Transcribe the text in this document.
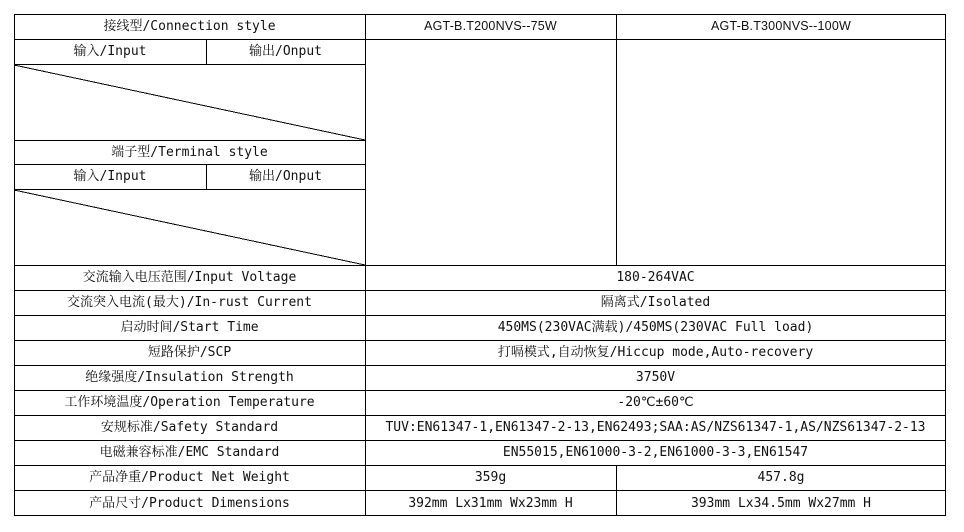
接线型/Connection style	AGT-B.T200NVS--75W	AGT-B.T300NVS--100W
输入/Input	输出/Onput
端子型/Terminal style
输入/Input	输出/Onput
交流输入电压范围/Input Voltage	180-264VAC
交流突入电流(最大)/In-rust Current	隔离式/Isolated
启动时间/Start Time	450MS(230VAC满载)/450MS(230VAC Full load)
短路保护/SCP	打嗝模式,自动恢复/Hiccup mode,Auto-recovery
绝缘强度/Insulation Strength	3750V
工作环境温度/Operation Temperature	-20℃±60℃
安规标准/Safety Standard	TUV:EN61347-1,EN61347-2-13,EN62493;SAA:AS/NZS61347-1,AS/NZS61347-2-13
电磁兼容标准/EMC Standard	EN55015,EN61000-3-2,EN61000-3-3,EN61547
产品净重/Product Net Weight	359g	457.8g
产品尺寸/Product Dimensions	392mm Lx31mm Wx23mm H	393mm Lx34.5mm Wx27mm H
